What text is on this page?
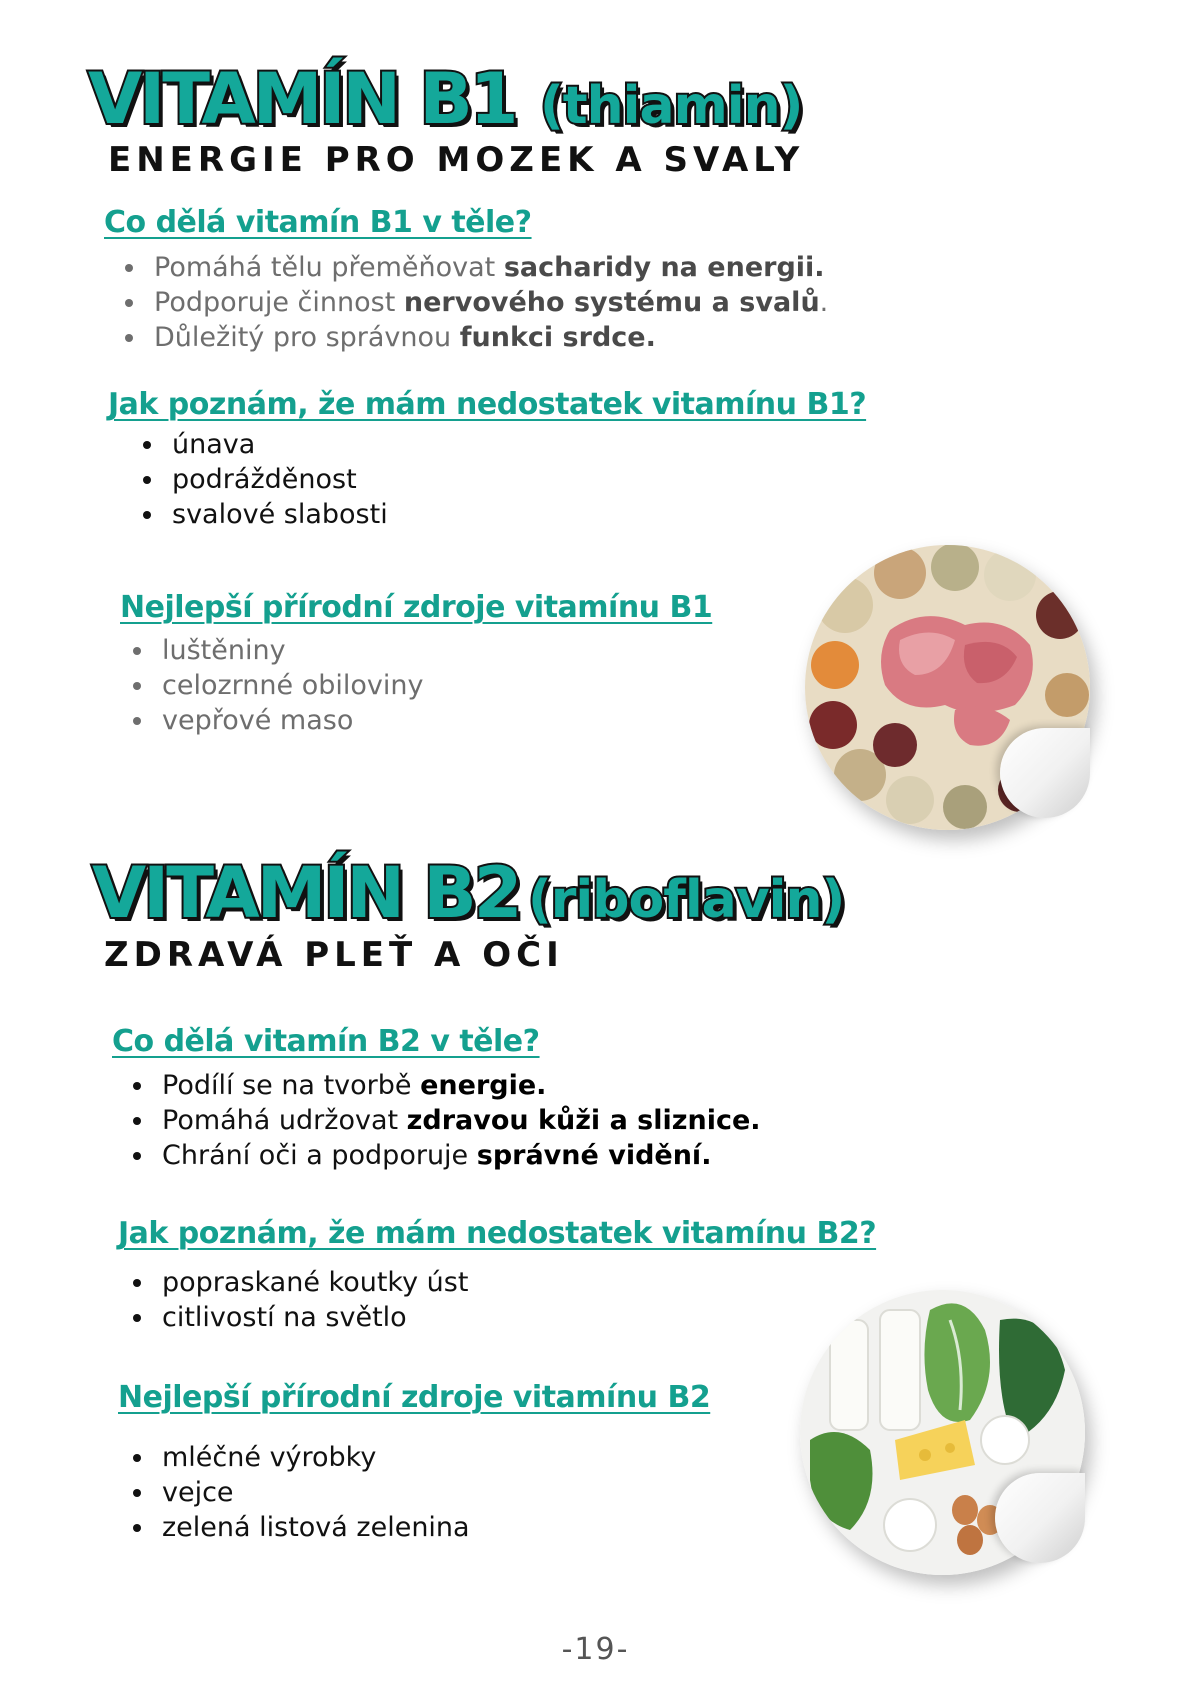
VITAMÍN B1 (thiamin)
ENERGIE PRO MOZEK A SVALY
Co dělá vitamín B1 v těle?
• Pomáhá tělu přeměňovat sacharidy na energii.
• Podporuje činnost nervového systému a svalů.
• Důležitý pro správnou funkci srdce.
Jak poznám, že mám nedostatek vitamínu B1?
• únava
• podrážděnost
• svalové slabosti
Nejlepší přírodní zdroje vitamínu B1
• luštěniny
• celozrnné obiloviny
• vepřové maso
VITAMÍN B2 (riboflavin)
ZDRAVÁ PLEŤ A OČI
Co dělá vitamín B2 v těle?
• Podílí se na tvorbě energie.
• Pomáhá udržovat zdravou kůži a sliznice.
• Chrání oči a podporuje správné vidění.
Jak poznám, že mám nedostatek vitamínu B2?
• popraskané koutky úst
• citlivostí na světlo
Nejlepší přírodní zdroje vitamínu B2
• mléčné výrobky
• vejce
• zelená listová zelenina
-19-
